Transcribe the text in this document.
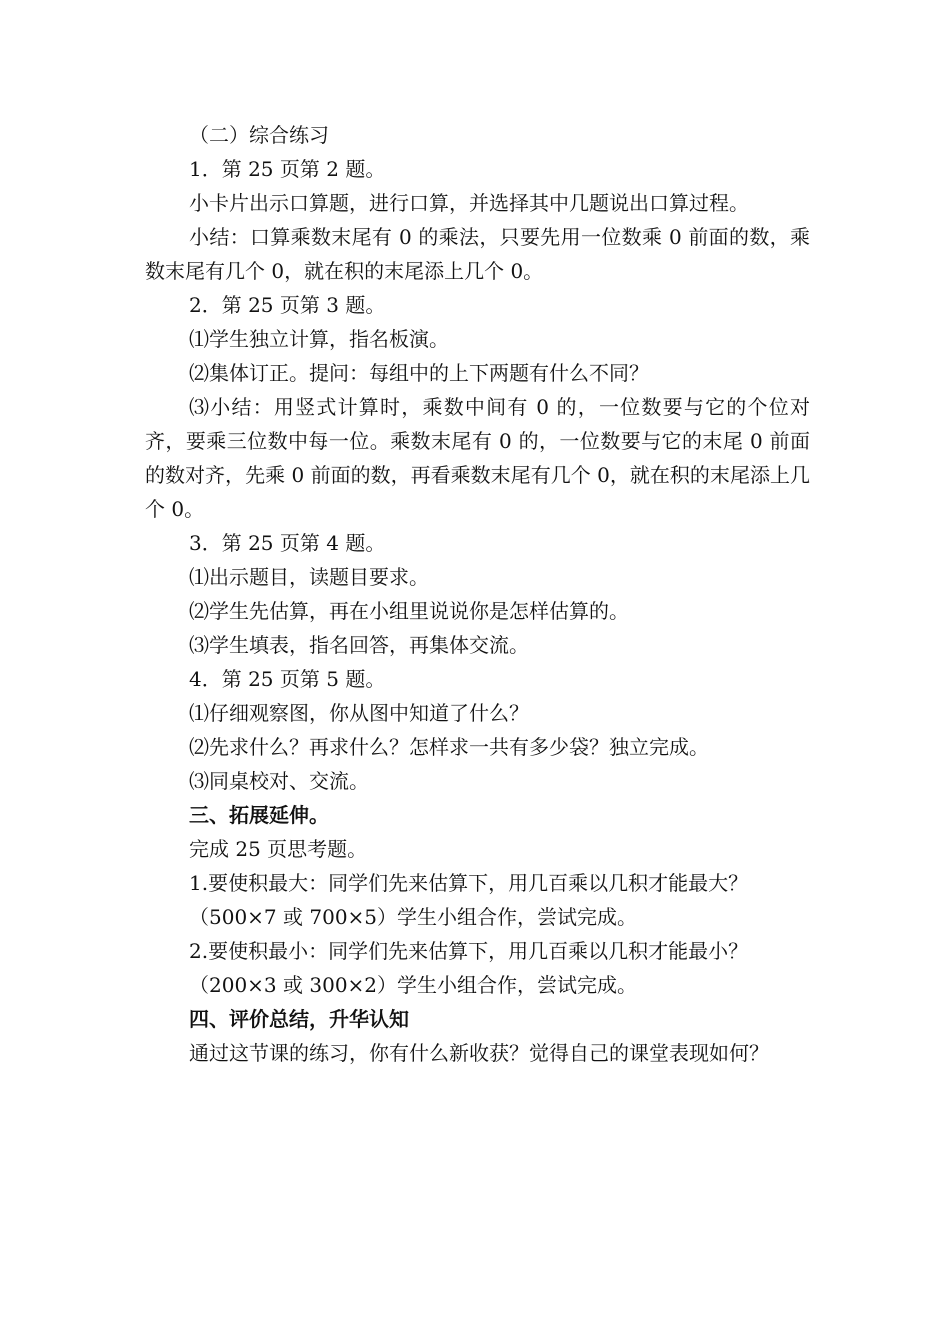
（二）综合练习

1．第 25 页第 2 题。

小卡片出示口算题，进行口算，并选择其中几题说出口算过程。

小结：口算乘数末尾有 0 的乘法，只要先用一位数乘 0 前面的数，乘数末尾有几个 0，就在积的末尾添上几个 0。

2．第 25 页第 3 题。

⑴学生独立计算，指名板演。

⑵集体订正。提问：每组中的上下两题有什么不同？

⑶小结：用竖式计算时，乘数中间有 0 的，一位数要与它的个位对齐，要乘三位数中每一位。乘数末尾有 0 的，一位数要与它的末尾 0 前面的数对齐，先乘 0 前面的数，再看乘数末尾有几个 0，就在积的末尾添上几个 0。

3．第 25 页第 4 题。

⑴出示题目，读题目要求。

⑵学生先估算，再在小组里说说你是怎样估算的。

⑶学生填表，指名回答，再集体交流。

4．第 25 页第 5 题。

⑴仔细观察图，你从图中知道了什么？

⑵先求什么？再求什么？怎样求一共有多少袋？独立完成。

⑶同桌校对、交流。

三、拓展延伸。

完成 25 页思考题。

1.要使积最大：同学们先来估算下，用几百乘以几积才能最大？

（500×7 或 700×5）学生小组合作，尝试完成。

2.要使积最小：同学们先来估算下，用几百乘以几积才能最小？

（200×3 或 300×2）学生小组合作，尝试完成。

四、评价总结，升华认知

通过这节课的练习，你有什么新收获？觉得自己的课堂表现如何？
